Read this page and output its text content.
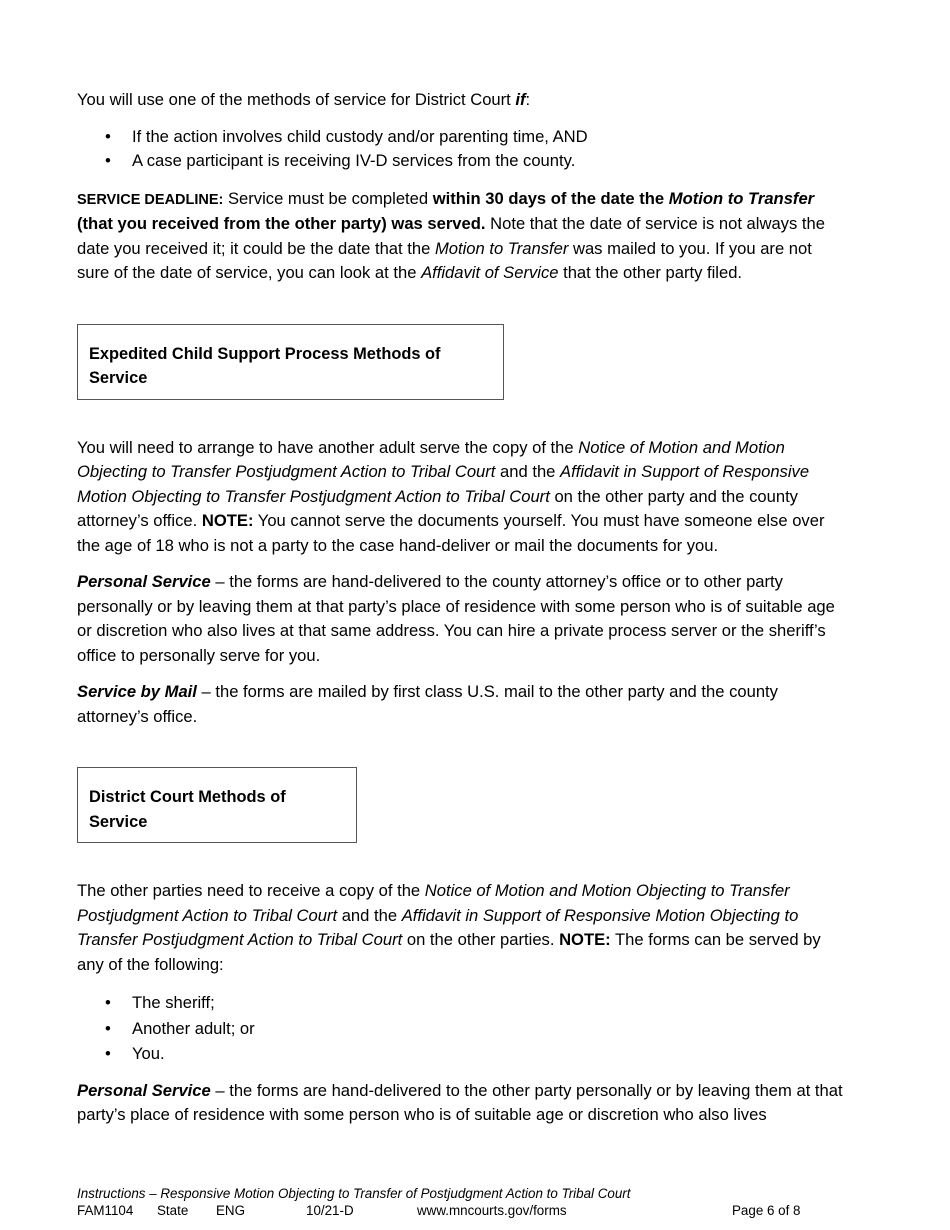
You will use one of the methods of service for District Court if:

• If the action involves child custody and/or parenting time, AND
• A case participant is receiving IV-D services from the county.

SERVICE DEADLINE: Service must be completed within 30 days of the date the Motion to Transfer (that you received from the other party) was served. Note that the date of service is not always the date you received it; it could be the date that the Motion to Transfer was mailed to you. If you are not sure of the date of service, you can look at the Affidavit of Service that the other party filed.

Expedited Child Support Process Methods of Service

You will need to arrange to have another adult serve the copy of the Notice of Motion and Motion Objecting to Transfer Postjudgment Action to Tribal Court and the Affidavit in Support of Responsive Motion Objecting to Transfer Postjudgment Action to Tribal Court on the other party and the county attorney’s office. NOTE: You cannot serve the documents yourself. You must have someone else over the age of 18 who is not a party to the case hand-deliver or mail the documents for you.

Personal Service – the forms are hand-delivered to the county attorney’s office or to other party personally or by leaving them at that party’s place of residence with some person who is of suitable age or discretion who also lives at that same address. You can hire a private process server or the sheriff’s office to personally serve for you.

Service by Mail – the forms are mailed by first class U.S. mail to the other party and the county attorney’s office.

District Court Methods of Service

The other parties need to receive a copy of the Notice of Motion and Motion Objecting to Transfer Postjudgment Action to Tribal Court and the Affidavit in Support of Responsive Motion Objecting to Transfer Postjudgment Action to Tribal Court on the other parties. NOTE: The forms can be served by any of the following:

• The sheriff;
• Another adult; or
• You.

Personal Service – the forms are hand-delivered to the other party personally or by leaving them at that party’s place of residence with some person who is of suitable age or discretion who also lives

Instructions – Responsive Motion Objecting to Transfer of Postjudgment Action to Tribal Court
FAM1104 State ENG	10/21-D	www.mncourts.gov/forms	Page 6 of 8
